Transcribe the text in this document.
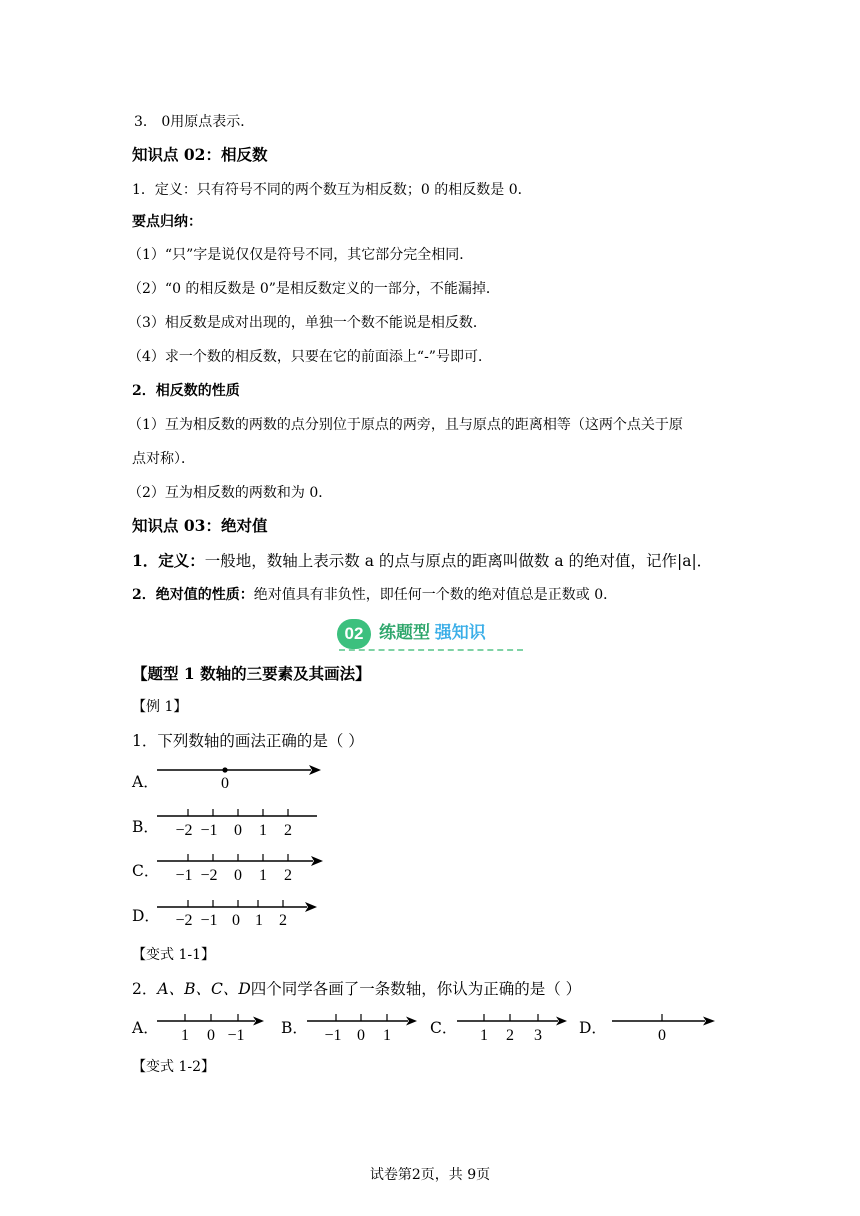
3． 0用原点表示．
知识点 02：相反数
1．定义：只有符号不同的两个数互为相反数；0 的相反数是 0．
要点归纳：
（1）“只”字是说仅仅是符号不同，其它部分完全相同．
（2）“0 的相反数是 0”是相反数定义的一部分，不能漏掉．
（3）相反数是成对出现的，单独一个数不能说是相反数．
（4）求一个数的相反数，只要在它的前面添上“-”号即可．
2．相反数的性质
（1）互为相反数的两数的点分别位于原点的两旁，且与原点的距离相等（这两个点关于原
点对称）．
（2）互为相反数的两数和为 0．
知识点 03：绝对值
1．定义：一般地，数轴上表示数 a 的点与原点的距离叫做数 a 的绝对值，记作|a|．
2．绝对值的性质：绝对值具有非负性，即任何一个数的绝对值总是正数或 0．
02 练题型 强知识
【题型 1 数轴的三要素及其画法】
【例 1】
1．下列数轴的画法正确的是（ ）
A．	0
B． −2 −1 0 1 2
C． −1 −2 0 1 2
D． −2 −1 0 1 2
【变式 1-1】
2．A、B、C、D四个同学各画了一条数轴，你认为正确的是（ ）
A． 1 0 −1 B． −1 0 1	C． 1 2 3 D．	0
【变式 1-2】
试卷第2页，共 9页
